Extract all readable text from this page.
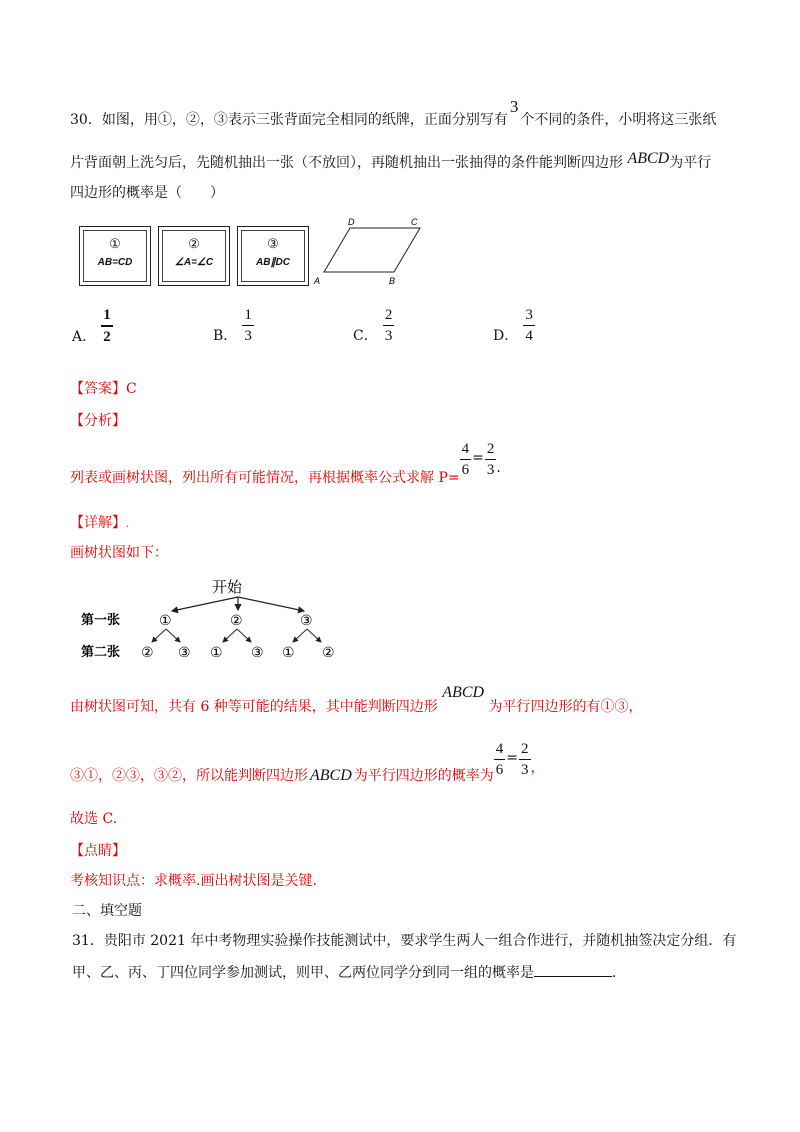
30．如图，用①，②，③表示三张背面完全相同的纸牌，正面分别写有3个不同的条件，小明将这三张纸
片背面朝上洗匀后，先随机抽出一张（不放回），再随机抽出一张抽得的条件能判断四边形 ABCD为平行
四边形的概率是（　　）
①
AB=CD
②
∠A=∠C
③
AB∥DC
A	B
C
D
A． $\frac{1}{2}$	B． $\frac{1}{3}$	C． $\frac{2}{3}$	D． $\frac{3}{4}$
【答案】C
【分析】
列表或画树状图，列出所有可能情况，再根据概率公式求解 $P= \frac{4}{6} = \frac{2}{3}$ .
【详解】.
画树状图如下：
开始
第一张
第二张
①	②	③
② ③ ① ③ ① ②
由树状图可知，共有 6 种等可能的结果，其中能判断四边形 ABCD 为平行四边形的有①③，
③①，②③，③②，所以能判断四边形 ABCD 为平行四边形的概率为 $\frac{4}{6} = \frac{2}{3}$ ，
故选 C.
【点睛】
考核知识点：求概率.画出树状图是关键.
二、填空题
31．贵阳市 2021 年中考物理实验操作技能测试中，要求学生两人一组合作进行，并随机抽签决定分组．有
甲、乙、丙、丁四位同学参加测试，则甲、乙两位同学分到同一组的概率是	．
